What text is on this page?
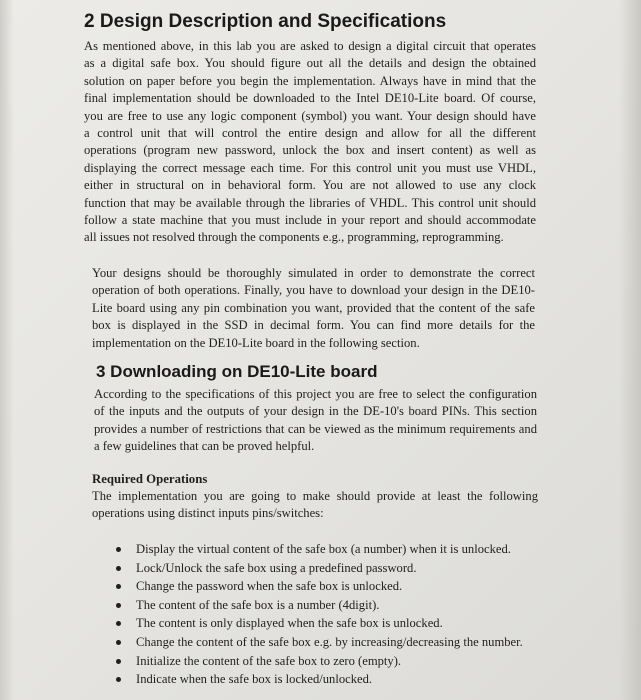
2 Design Description and Specifications
As mentioned above, in this lab you are asked to design a digital circuit that operates
as a digital safe box. You should figure out all the details and design the obtained
solution on paper before you begin the implementation. Always have in mind that the
final implementation should be downloaded to the Intel DE10-Lite board. Of course,
you are free to use any logic component (symbol) you want. Your design should have
a control unit that will control the entire design and allow for all the different
operations (program new password, unlock the box and insert content) as well as
displaying the correct message each time. For this control unit you must use VHDL,
either in structural on in behavioral form. You are not allowed to use any clock
function that may be available through the libraries of VHDL. This control unit should
follow a state machine that you must include in your report and should accommodate
all issues not resolved through the components e.g., programming, reprogramming.
Your designs should be thoroughly simulated in order to demonstrate the correct
operation of both operations. Finally, you have to download your design in the DE10-
Lite board using any pin combination you want, provided that the content of the safe
box is displayed in the SSD in decimal form. You can find more details for the
implementation on the DE10-Lite board in the following section.
3 Downloading on DE10-Lite board
According to the specifications of this project you are free to select the configuration
of the inputs and the outputs of your design in the DE-10's board PINs. This section
provides a number of restrictions that can be viewed as the minimum requirements and
a few guidelines that can be proved helpful.
Required Operations
The implementation you are going to make should provide at least the following
operations using distinct inputs pins/switches:
Display the virtual content of the safe box (a number) when it is unlocked.
Lock/Unlock the safe box using a predefined password.
Change the password when the safe box is unlocked.
The content of the safe box is a number (4digit).
The content is only displayed when the safe box is unlocked.
Change the content of the safe box e.g. by increasing/decreasing the number.
Initialize the content of the safe box to zero (empty).
Indicate when the safe box is locked/unlocked.
